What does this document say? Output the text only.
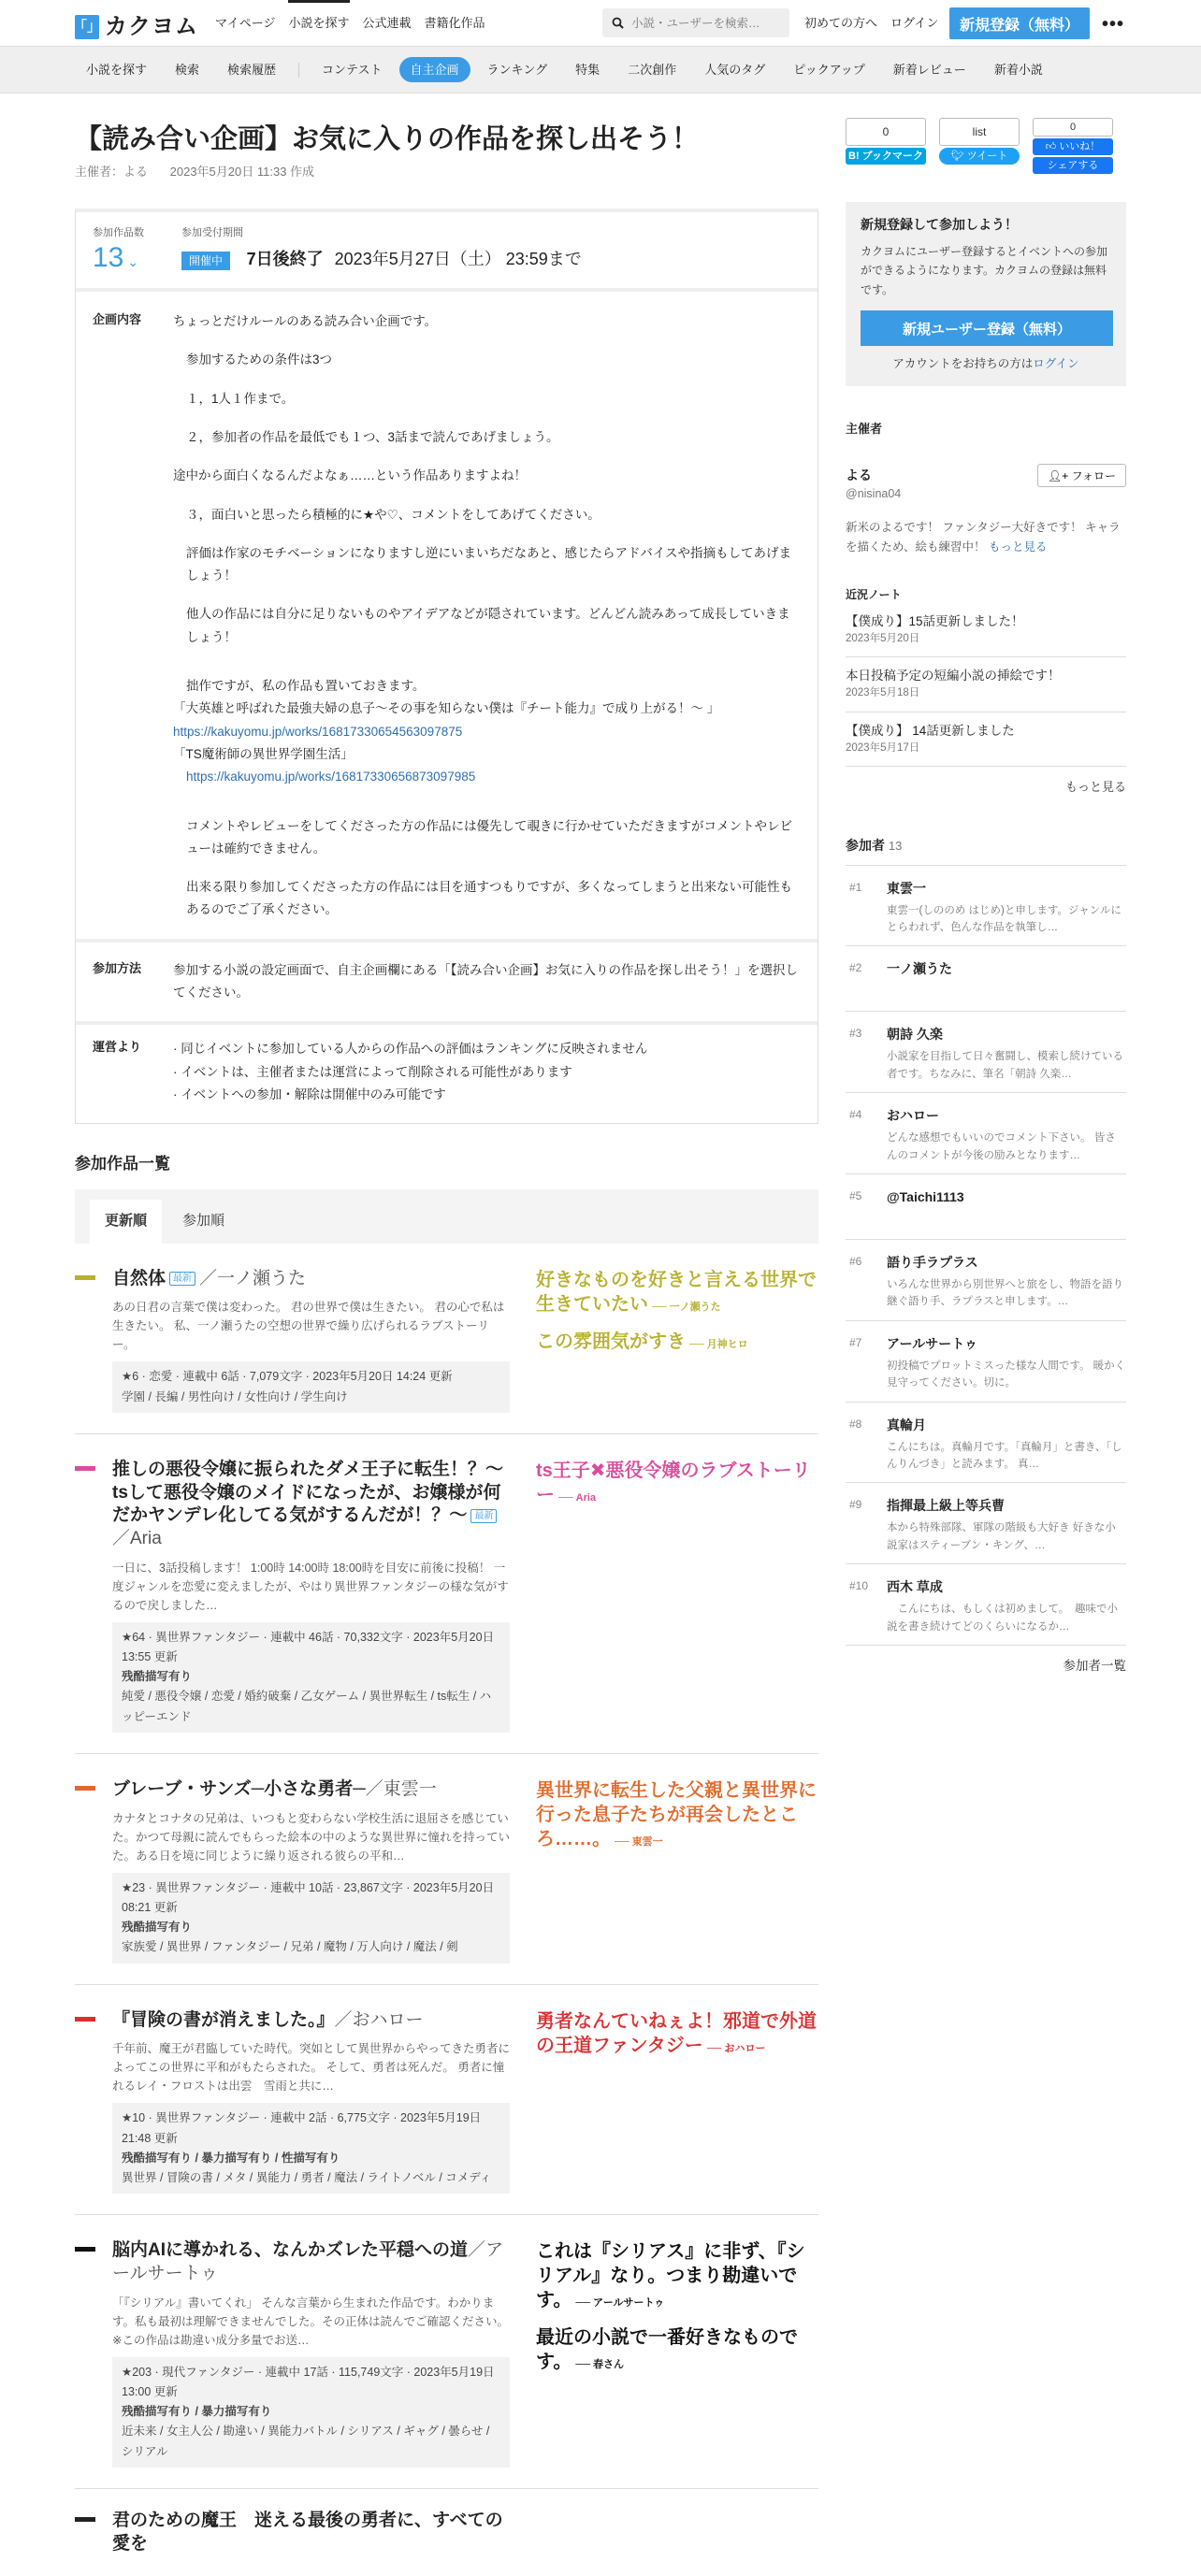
「」 カクヨム マイページ 小説を探す 公式連載 書籍化作品
小説・ユーザーを検索…	初めての方へ ログイン	新規登録（無料）	•••
小説を探す	検索	検索履歴	コンテスト	自主企画	ランキング	特集	二次創作	人気のタグ	ピックアップ	新着レビュー	新着小説
【読み合い企画】お気に入りの作品を探し出そう！
主催者：よる 2023年5月20日 11:33 作成
参加作品数
13 ⌄
参加受付期間
開催中 7日後終了 2023年5月27日（土） 23:59まで
企画内容	ちょっとだけルールのある読み合い企画です。
参加するための条件は3つ
１，1人１作まで。
２，参加者の作品を最低でも１つ、3話まで読んであげましょう。
途中から面白くなるんだよなぁ……という作品ありますよね！
３，面白いと思ったら積極的に★や♡、コメントをしてあげてください。
評価は作家のモチベーションになりますし逆にいまいちだなあと、感じたらアドバイスや指摘もしてあげましょう！
他人の作品には自分に足りないものやアイデアなどが隠されています。どんどん読みあって成長していきましょう！
拙作ですが、私の作品も置いておきます。
「大英雄と呼ばれた最強夫婦の息子～その事を知らない僕は『チート能力』で成り上がる！～ 」
https://kakuyomu.jp/works/16817330654563097875
「TS魔術師の異世界学園生活」
https://kakuyomu.jp/works/16817330656873097985
コメントやレビューをしてくださった方の作品には優先して覗きに行かせていただきますがコメントやレビューは確約できません。
出来る限り参加してくださった方の作品には目を通すつもりですが、多くなってしまうと出来ない可能性もあるのでご了承ください。
参加方法	参加する小説の設定画面で、自主企画欄にある「【読み合い企画】お気に入りの作品を探し出そう！」を選択してください。
運営より	· 同じイベントに参加している人からの作品への評価はランキングに反映されません
· イベントは、主催者または運営によって削除される可能性があります
· イベントへの参加・解除は開催中のみ可能です
参加作品一覧
更新順	参加順
自然体 最新 ／一ノ瀬うた
あの日君の言葉で僕は変わった。 君の世界で僕は生きたい。 君の心で私は生きたい。 私、一ノ瀬うたの空想の世界で繰り広げられるラブストーリー。
★6 · 恋愛 · 連載中 6話 · 7,079文字 · 2023年5月20日 14:24 更新
学園 / 長編 / 男性向け / 女性向け / 学生向け
好きなものを好きと言える世界で生きていたい ── 一ノ瀬うた
この雰囲気がすき ── 月神ヒロ
推しの悪役令嬢に振られたダメ王子に転生！？～tsして悪役令嬢のメイドになったが、お嬢様が何だかヤンデレ化してる気がするんだが！？～ 最新／Aria
一日に、3話投稿します！ 1:00時 14:00時 18:00時を目安に前後に投稿！ 一度ジャンルを恋愛に変えましたが、やはり異世界ファンタジーの様な気がするので戻しました…
★64 · 異世界ファンタジー · 連載中 46話 · 70,332文字 · 2023年5月20日 13:55 更新
残酷描写有り
純愛 / 悪役令嬢 / 恋愛 / 婚約破棄 / 乙女ゲーム / 異世界転生 / ts転生 / ハッピーエンド
ts王子✖悪役令嬢のラブストーリー ── Aria
ブレーブ・サンズ─小さな勇者─／東雲一
カナタとコナタの兄弟は、いつもと変わらない学校生活に退屈さを感じていた。かつて母親に読んでもらった絵本の中のような異世界に憧れを持っていた。ある日を境に同じように繰り返される彼らの平和…
★23 · 異世界ファンタジー · 連載中 10話 · 23,867文字 · 2023年5月20日 08:21 更新
残酷描写有り
家族愛 / 異世界 / ファンタジー / 兄弟 / 魔物 / 万人向け / 魔法 / 剣
異世界に転生した父親と異世界に行った息子たちが再会したところ……。 ── 東雲一
『冒険の書が消えました。』／おハロー
千年前、魔王が君臨していた時代。突如として異世界からやってきた勇者によってこの世界に平和がもたらされた。 そして、勇者は死んだ。 勇者に憧れるレイ・フロストは出雲　雪雨と共に…
★10 · 異世界ファンタジー · 連載中 2話 · 6,775文字 · 2023年5月19日 21:48 更新
残酷描写有り / 暴力描写有り / 性描写有り
異世界 / 冒険の書 / メタ / 異能力 / 勇者 / 魔法 / ライトノベル / コメディ
勇者なんていねぇよ！邪道で外道の王道ファンタジー ── おハロー
脳内AIに導かれる、なんかズレた平穏への道／アールサートゥ
「『シリアル』書いてくれ」 そんな言葉から生まれた作品です。わかります。私も最初は理解できませんでした。その正体は読んでご確認ください。　　※この作品は勘違い成分多量でお送…
★203 · 現代ファンタジー · 連載中 17話 · 115,749文字 · 2023年5月19日 13:00 更新
残酷描写有り / 暴力描写有り
近未来 / 女主人公 / 勘違い / 異能力バトル / シリアス / ギャグ / 曇らせ / シリアル
これは『シリアス』に非ず、『シリアル』なり。つまり勘違いです。 ── アールサートゥ
最近の小説で一番好きなものです。 ── 春さん
君のための魔王　迷える最後の勇者に、すべての愛を
0
B! ブックマーク
list
🐦︎ ツイート
0
👍︎ いいね！
シェアする
新規登録して参加しよう！

カクヨムにユーザー登録するとイベントへの参加ができるようになります。カクヨムの登録は無料です。

新規ユーザー登録（無料）
アカウントをお持ちの方はログイン
主催者
よる
@nisina04
👤︎+ フォロー
新米のよるです！ ファンタジー大好きです！ キャラを描くため、絵も練習中！ もっと見る
近況ノート
【僕成り】15話更新しました！
2023年5月20日
本日投稿予定の短編小説の挿絵です！
2023年5月18日
【僕成り】 14話更新しました
2023年5月17日
もっと見る
参加者 13
#1	東雲一
東雲一(しののめ はじめ)と申します。ジャンルにとらわれず、色んな作品を執筆し…
#2	一ノ瀬うた
#3	朝詩 久楽
小説家を目指して日々奮闘し、模索し続けている者です。ちなみに、筆名「朝詩 久楽…
#4	おハロー
どんな感想でもいいのでコメント下さい。 皆さんのコメントが今後の励みとなります…
#5	@Taichi1113
#6	語り手ラプラス
いろんな世界から別世界へと旅をし、物語を語り継ぐ語り手、ラプラスと申します。…
#7	アールサートゥ
初投稿でプロットミスった様な人間です。 暖かく見守ってください。切に。
#8	真輪月
こんにちは。真輪月です。「真輪月」と書き、「しんりんづき」と読みます。 真…
#9	指揮最上級上等兵曹
本から特殊部隊、軍隊の階級も大好き 好きな小説家はスティーブン・キング、…
#10	西木 草成
　こんにちは、もしくは初めまして。　趣味で小説を書き続けてどのくらいになるか…
参加者一覧
